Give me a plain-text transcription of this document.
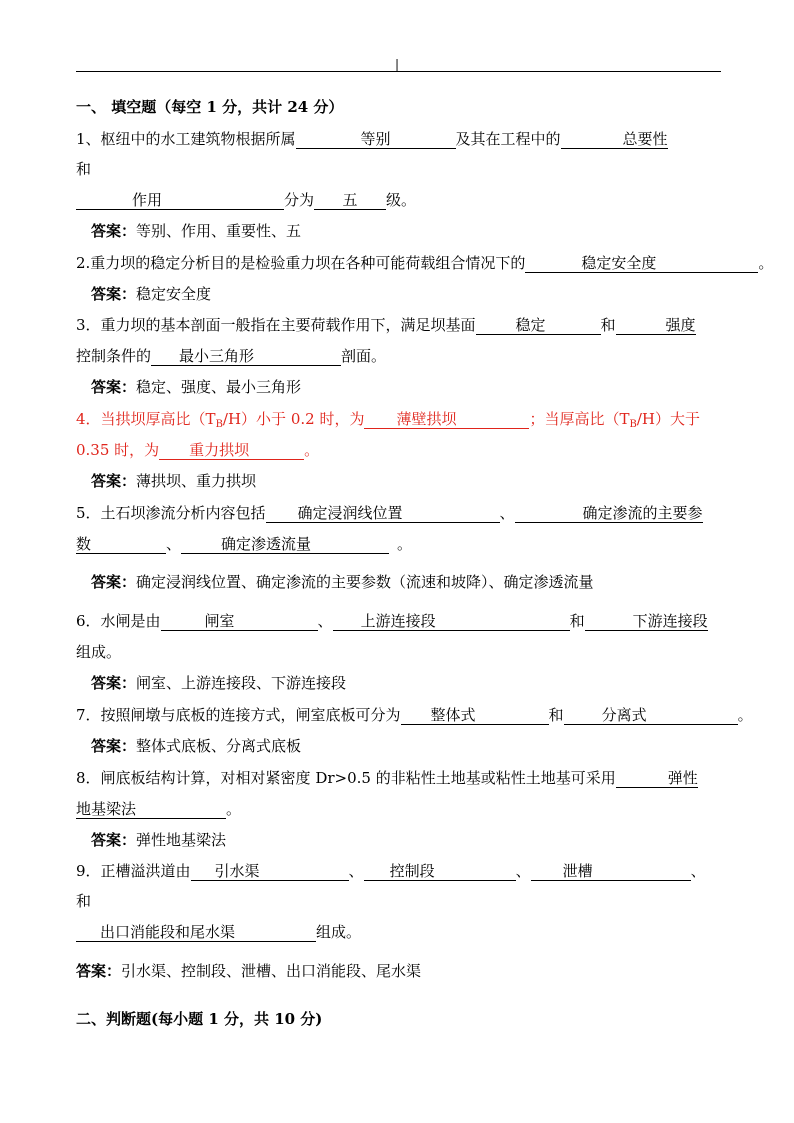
|
一、 填空题（每空 1 分，共计 24 分）
1、枢纽中的水工建筑物根据所属	等别	及其在工程中的	总要性
和
作用	分为 五 级。
答案：等别、作用、重要性、五
2.重力坝的稳定分析目的是检验重力坝在各种可能荷载组合情况下的	稳定安全度	。
答案：稳定安全度
3．重力坝的基本剖面一般指在主要荷载作用下，满足坝基面	稳定	和	强度
控制条件的 最小三角形	剖面。
答案：稳定、强度、最小三角形
4．当拱坝厚高比$(T_B/H)$小于 0.2 时，为 薄壁拱坝	；当厚高比$(T_B/H)$大于
0.35 时，为 重力拱坝	。
答案：薄拱坝、重力拱坝
5．土石坝渗流分析内容包括 确定浸润线位置	、	确定渗流的主要参
数	、	确定渗透流量	。
答案：确定浸润线位置、确定渗流的主要参数（流速和坡降）、确定渗透流量
6．水闸是由	闸室	、 上游连接段	和	下游连接段
组成。
答案：闸室、上游连接段、下游连接段
7．按照闸墩与底板的连接方式，闸室底板可分为 整体式	和	分离式	。
答案：整体式底板、分离式底板
8．闸底板结构计算，对相对紧密度 Dr>0.5 的非粘性土地基或粘性土地基可采用	弹性
地基梁法	。
答案：弹性地基梁法
9．正槽溢洪道由 引水渠	、 控制段	、 泄槽	、
和
出口消能段和尾水渠	组成。
答案：引水渠、控制段、泄槽、出口消能段、尾水渠
二、判断题(每小题 1 分，共 10 分)
